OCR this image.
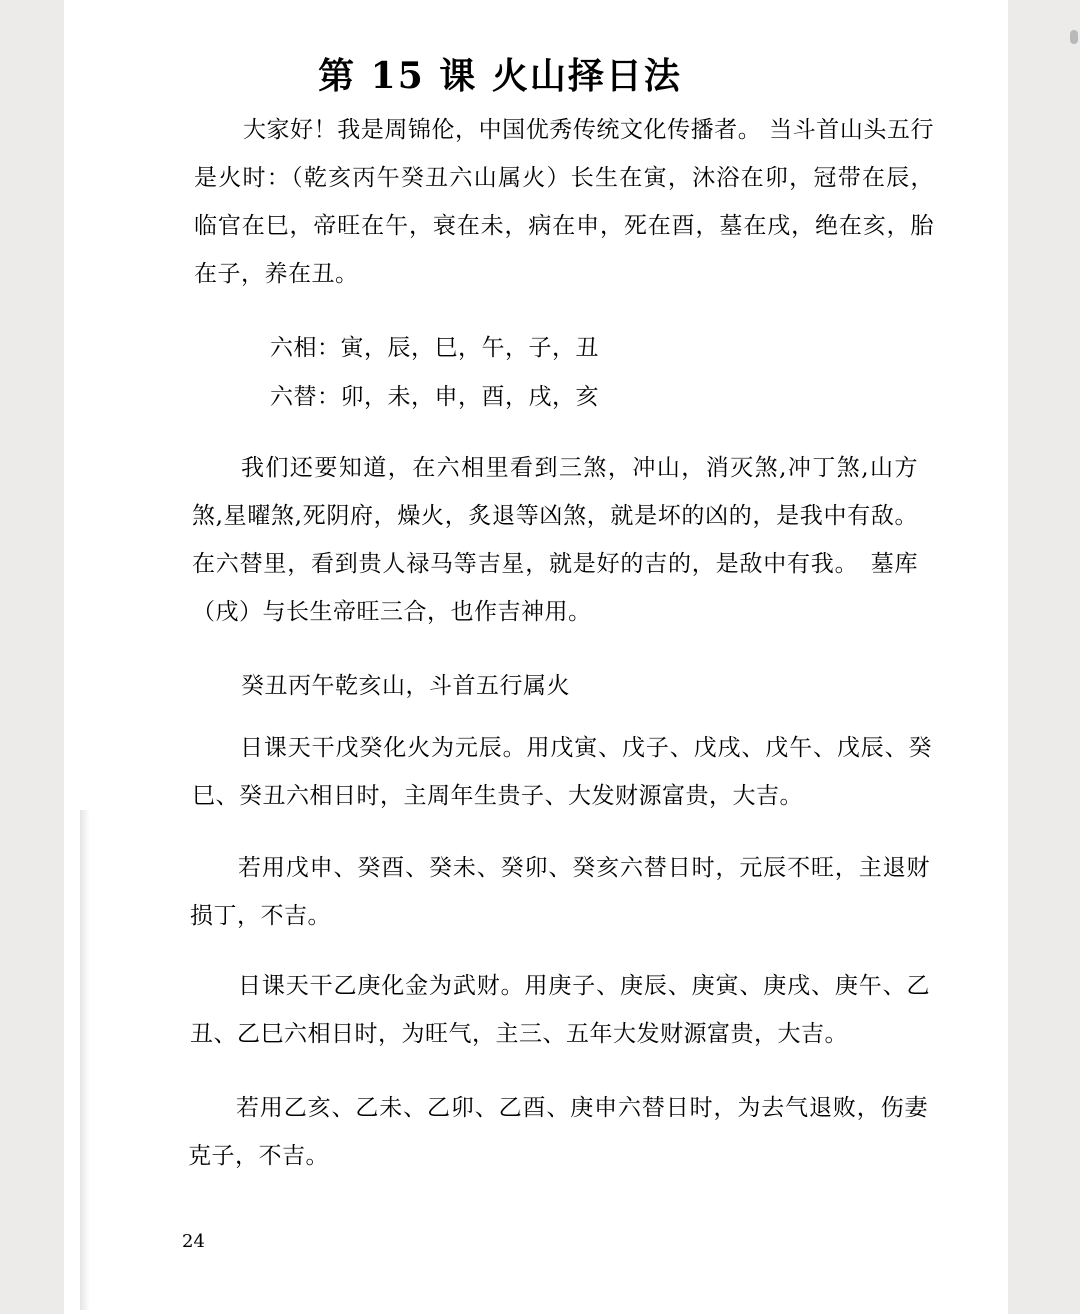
第 15 课 火山择日法

大家好！我是周锦伦，中国优秀传统文化传播者。 当斗首山头五行是火时：（乾亥丙午癸丑六山属火）长生在寅，沐浴在卯，冠带在辰，临官在巳，帝旺在午，衰在未，病在申，死在酉，墓在戌，绝在亥，胎在子，养在丑。

六相：寅，辰，巳，午，子，丑

六替：卯，未，申，酉，戌，亥

我们还要知道，在六相里看到三煞，冲山，消灭煞,冲丁煞,山方煞,星曜煞,死阴府，燥火，炙退等凶煞，就是坏的凶的，是我中有敌。在六替里，看到贵人禄马等吉星，就是好的吉的，是敌中有我。　墓库（戌）与长生帝旺三合，也作吉神用。

癸丑丙午乾亥山，斗首五行属火

日课天干戊癸化火为元辰。用戊寅、戊子、戊戌、戊午、戊辰、癸巳、癸丑六相日时，主周年生贵子、大发财源富贵，大吉。

若用戊申、癸酉、癸未、癸卯、癸亥六替日时，元辰不旺，主退财损丁，不吉。

日课天干乙庚化金为武财。用庚子、庚辰、庚寅、庚戌、庚午、乙丑、乙巳六相日时，为旺气，主三、五年大发财源富贵，大吉。

若用乙亥、乙未、乙卯、乙酉、庚申六替日时，为去气退败，伤妻克子，不吉。

24
